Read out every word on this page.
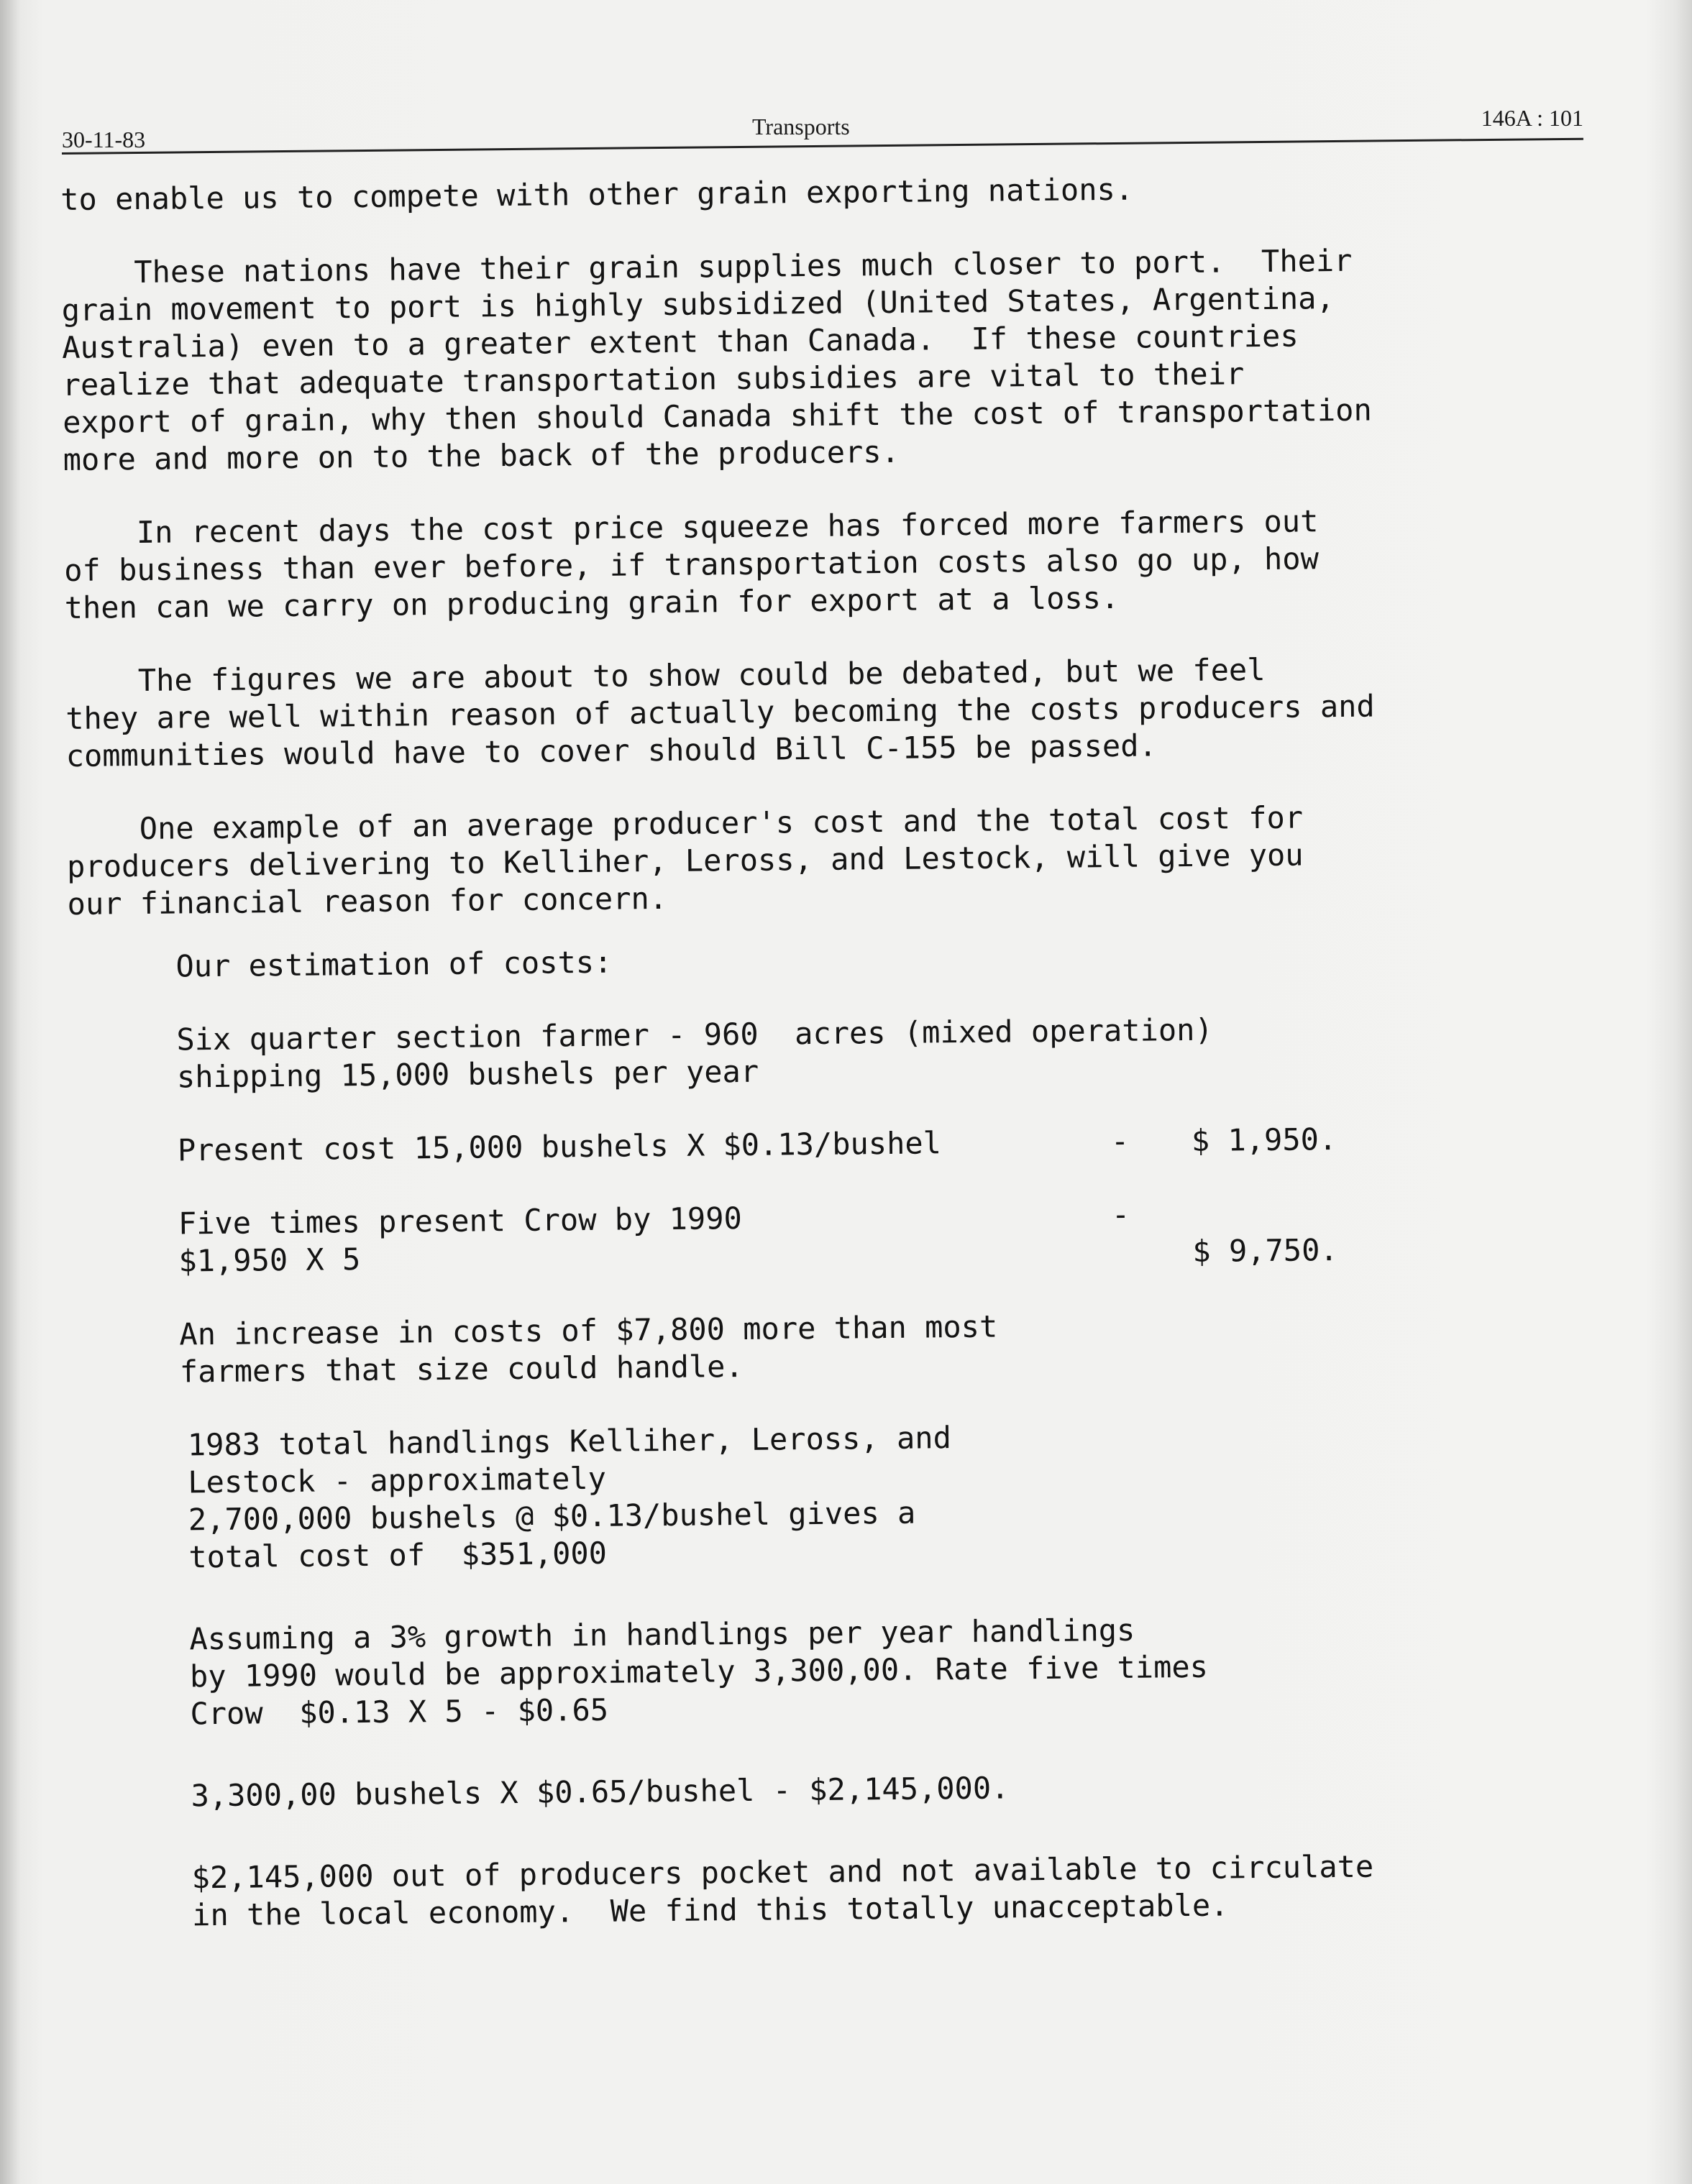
30-11-83	Transports	146A : 101

to enable us to compete with other grain exporting nations.

These nations have their grain supplies much closer to port.  Their

grain movement to port is highly subsidized (United States, Argentina,

Australia) even to a greater extent than Canada.  If these countries

realize that adequate transportation subsidies are vital to their

export of grain, why then should Canada shift the cost of transportation

more and more on to the back of the producers.

In recent days the cost price squeeze has forced more farmers out

of business than ever before, if transportation costs also go up, how

then can we carry on producing grain for export at a loss.

The figures we are about to show could be debated, but we feel

they are well within reason of actually becoming the costs producers and

communities would have to cover should Bill C-155 be passed.

One example of an average producer's cost and the total cost for

producers delivering to Kelliher, Leross, and Lestock, will give you

our financial reason for concern.

Our estimation of costs:

Six quarter section farmer - 960  acres (mixed operation)

shipping 15,000 bushels per year

Present cost 15,000 bushels X $0.13/bushel	- $ 1,950.

Five times present Crow by 1990	-

$1,950 X 5	$ 9,750.

An increase in costs of $7,800 more than most

farmers that size could handle.

1983 total handlings Kelliher, Leross, and

Lestock - approximately

2,700,000 bushels @ $0.13/bushel gives a

total cost of  $351,000

Assuming a 3% growth in handlings per year handlings

by 1990 would be approximately 3,300,00. Rate five times

Crow  $0.13 X 5 - $0.65

3,300,00 bushels X $0.65/bushel - $2,145,000.

$2,145,000 out of producers pocket and not available to circulate

in the local economy.  We find this totally unacceptable.
